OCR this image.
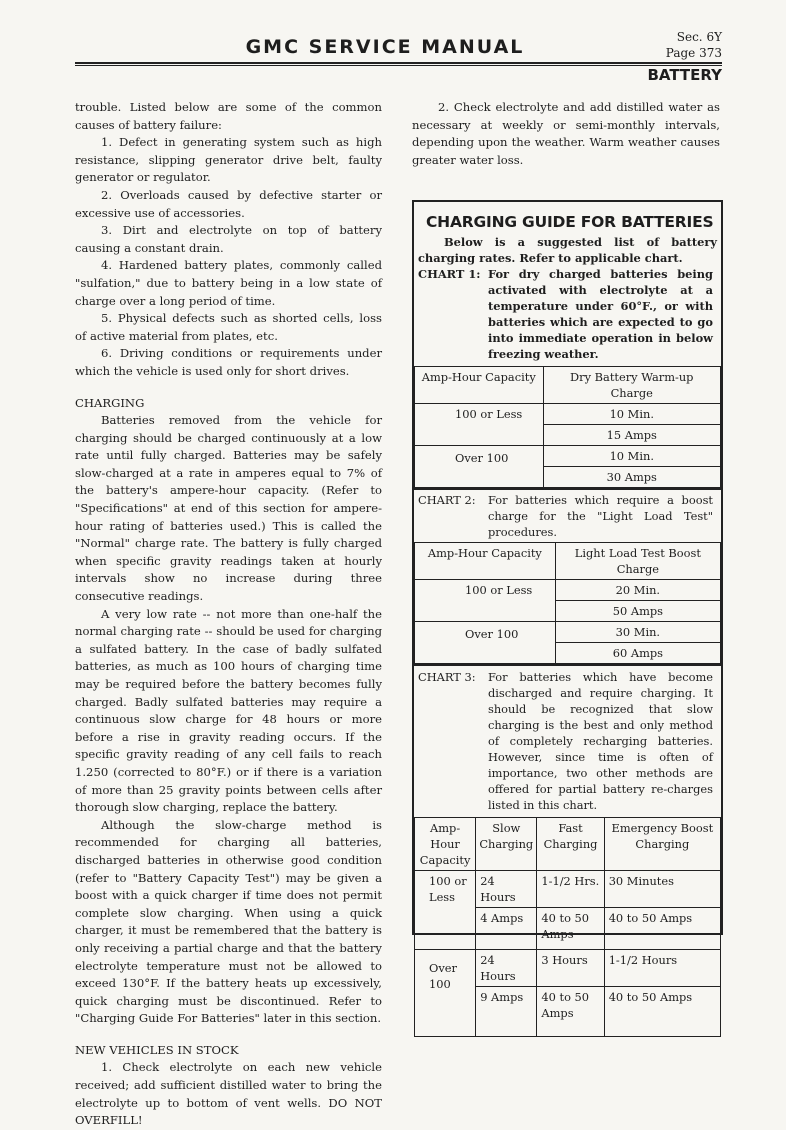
GMC SERVICE MANUAL	Sec. 6Y
Page 373
BATTERY

trouble. Listed below are some of the common causes of battery failure:

1. Defect in generating system such as high resistance, slipping generator drive belt, faulty generator or regulator.

2. Overloads caused by defective starter or excessive use of accessories.

3. Dirt and electrolyte on top of battery causing a constant drain.

4. Hardened battery plates, commonly called "sulfation," due to battery being in a low state of charge over a long period of time.

5. Physical defects such as shorted cells, loss of active material from plates, etc.

6. Driving conditions or requirements under which the vehicle is used only for short drives.

CHARGING

Batteries removed from the vehicle for charging should be charged continuously at a low rate until fully charged. Batteries may be safely slow-charged at a rate in amperes equal to 7% of the battery's ampere-hour capacity. (Refer to "Specifications" at end of this section for ampere-hour rating of batteries used.) This is called the "Normal" charge rate. The battery is fully charged when specific gravity readings taken at hourly intervals show no increase during three consecutive readings.

A very low rate -- not more than one-half the normal charging rate -- should be used for charging a sulfated battery. In the case of badly sulfated batteries, as much as 100 hours of charging time may be required before the battery becomes fully charged. Badly sulfated batteries may require a continuous slow charge for 48 hours or more before a rise in gravity reading occurs. If the specific gravity reading of any cell fails to reach 1.250 (corrected to 80°F.) or if there is a variation of more than 25 gravity points between cells after thorough slow charging, replace the battery.

Although the slow-charge method is recommended for charging all batteries, discharged batteries in otherwise good condition (refer to "Battery Capacity Test") may be given a boost with a quick charger if time does not permit complete slow charging. When using a quick charger, it must be remembered that the battery is only receiving a partial charge and that the battery electrolyte temperature must not be allowed to exceed 130°F. If the battery heats up excessively, quick charging must be discontinued. Refer to "Charging Guide For Batteries" later in this section.

NEW VEHICLES IN STOCK

1. Check electrolyte on each new vehicle received; add sufficient distilled water to bring the electrolyte up to bottom of vent wells. DO NOT OVERFILL!

2. Check electrolyte and add distilled water as necessary at weekly or semi-monthly intervals, depending upon the weather. Warm weather causes greater water loss.

CHARGING GUIDE FOR BATTERIES

Below is a suggested list of battery charging rates. Refer to applicable chart.

CHART 1: For dry charged batteries being activated with electrolyte at a temperature under 60°F., or with batteries which are expected to go into immediate operation in below freezing weather.
Amp-Hour Capacity	Dry Battery Warm-up Charge
100 or Less	10 Min.
	15 Amps
Over 100	10 Min.
	30 Amps
CHART 2:	For batteries which require a boost charge for the "Light Load Test" procedures.
Amp-Hour Capacity	Light Load Test Boost Charge
100 or Less	20 Min.
	50 Amps
Over 100	30 Min.
	60 Amps
CHART 3:	For batteries which have become discharged and require charging. It should be recognized that slow charging is the best and only method of completely recharging batteries. However, since time is often of importance, two other methods are offered for partial battery re-charges listed in this chart.
Amp-Hour Capacity	Slow Charging	Fast Charging	Emergency Boost Charging
100 or Less	24 Hours	1-1/2 Hrs.	30 Minutes
	4 Amps	40 to 50 Amps	40 to 50 Amps
Over 100	24 Hours	3 Hours	1-1/2 Hours
	9 Amps	40 to 50 Amps	40 to 50 Amps
